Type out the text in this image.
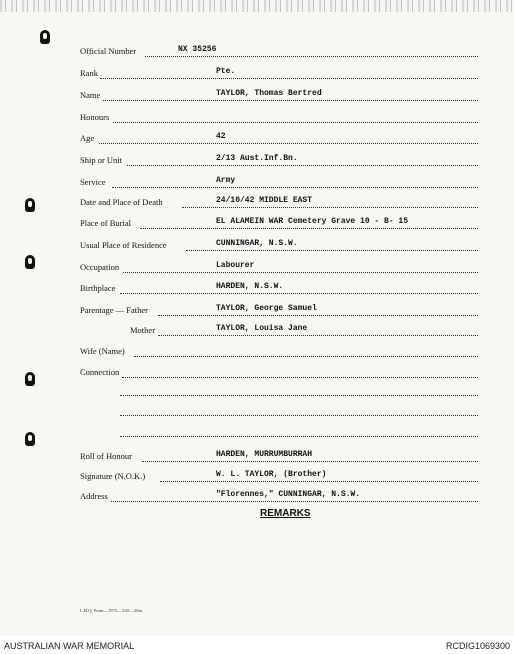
Official Number	NX 35256
Rank	Pte.
Name	TAYLOR, Thomas Bertred
Honours
Age	42
Ship or Unit	2/13 Aust.Inf.Bn.
Service	Army
Date and Place of Death	24/10/42 MIDDLE EAST
Place of Burial	EL ALAMEIN WAR Cemetery Grave 10 - B- 15
Usual Place of Residence	CUNNINGAR, N.S.W.
Occupation	Labourer
Birthplace	HARDEN, N.S.W.
Parentage — Father	TAYLOR, George Samuel
Mother	TAYLOR, Louisa Jane
Wife (Name)
Connection
Roll of Honour	HARDEN, MURRUMBURRAH
Signature (N.O.K.)	W. L. TAYLOR, (Brother)
Address	"Florennes," CUNNINGAR, N.S.W.
REMARKS
L.H.Q. Form—1975—3/45—20m.
AUSTRALIAN WAR MEMORIAL	RCDIG1069300
